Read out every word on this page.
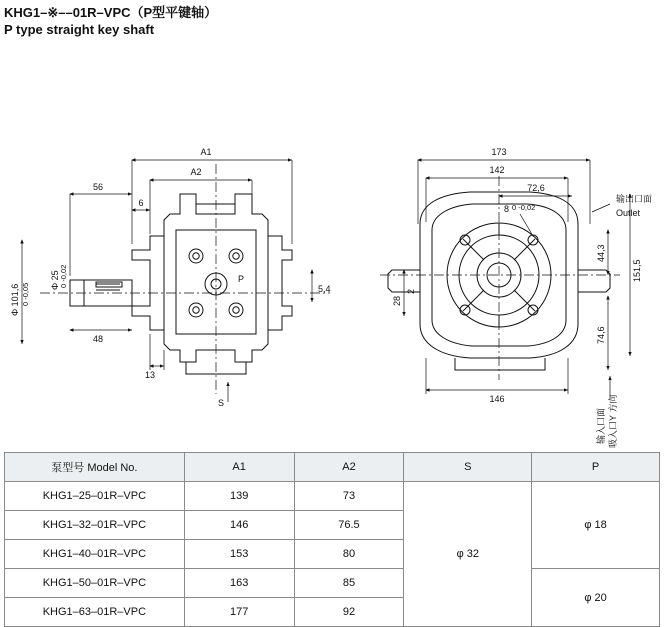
KHG1–※––01R–VPC（P型平键轴）
P type straight key shaft
A1
A2
56
6
48
13
5,4
S
P
Φ 101,6 0 -0,05
Φ 25 0 -0,02
173
142
72,6
146
8 0 -0,02
151,5
44,3
74,6
28
2
输出口面
Outlet
输入口面 吸入口Y 方向
泵型号 Model No.	A1	A2	S	P
KHG1–25–01R–VPC	139	73	φ 32	φ 18
KHG1–32–01R–VPC	146	76.5		
KHG1–40–01R–VPC	153	80		
KHG1–50–01R–VPC	163	85		φ 20
KHG1–63–01R–VPC	177	92		
